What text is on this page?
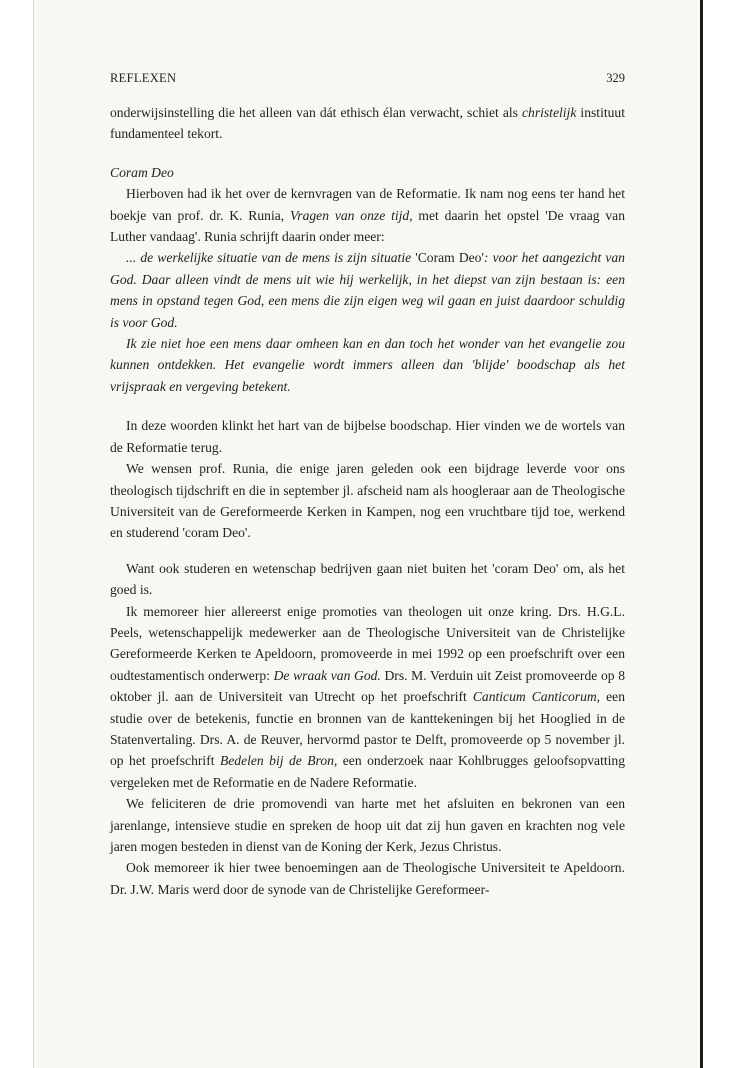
REFLEXEN	329

onderwijsinstelling die het alleen van dát ethisch élan verwacht, schiet als christelijk instituut fundamenteel tekort.

Coram Deo

Hierboven had ik het over de kernvragen van de Reformatie. Ik nam nog eens ter hand het boekje van prof. dr. K. Runia, Vragen van onze tijd, met daarin het opstel 'De vraag van Luther vandaag'. Runia schrijft daarin onder meer:

... de werkelijke situatie van de mens is zijn situatie 'Coram Deo': voor het aangezicht van God. Daar alleen vindt de mens uit wie hij werkelijk, in het diepst van zijn bestaan is: een mens in opstand tegen God, een mens die zijn eigen weg wil gaan en juist daardoor schuldig is voor God.

Ik zie niet hoe een mens daar omheen kan en dan toch het wonder van het evangelie zou kunnen ontdekken. Het evangelie wordt immers alleen dan 'blijde' boodschap als het vrijspraak en vergeving betekent.

In deze woorden klinkt het hart van de bijbelse boodschap. Hier vinden we de wortels van de Reformatie terug.

We wensen prof. Runia, die enige jaren geleden ook een bijdrage leverde voor ons theologisch tijdschrift en die in september jl. afscheid nam als hoogleraar aan de Theologische Universiteit van de Gereformeerde Kerken in Kampen, nog een vruchtbare tijd toe, werkend en studerend 'coram Deo'.

Want ook studeren en wetenschap bedrijven gaan niet buiten het 'coram Deo' om, als het goed is.

Ik memoreer hier allereerst enige promoties van theologen uit onze kring. Drs. H.G.L. Peels, wetenschappelijk medewerker aan de Theologische Universiteit van de Christelijke Gereformeerde Kerken te Apeldoorn, promoveerde in mei 1992 op een proefschrift over een oudtestamentisch onderwerp: De wraak van God. Drs. M. Verduin uit Zeist promoveerde op 8 oktober jl. aan de Universiteit van Utrecht op het proefschrift Canticum Canticorum, een studie over de betekenis, functie en bronnen van de kanttekeningen bij het Hooglied in de Statenvertaling. Drs. A. de Reuver, hervormd pastor te Delft, promoveerde op 5 november jl. op het proefschrift Bedelen bij de Bron, een onderzoek naar Kohlbrugges geloofsopvatting vergeleken met de Reformatie en de Nadere Reformatie.

We feliciteren de drie promovendi van harte met het afsluiten en bekronen van een jarenlange, intensieve studie en spreken de hoop uit dat zij hun gaven en krachten nog vele jaren mogen besteden in dienst van de Koning der Kerk, Jezus Christus.

Ook memoreer ik hier twee benoemingen aan de Theologische Universiteit te Apeldoorn. Dr. J.W. Maris werd door de synode van de Christelijke Gereformeer-
